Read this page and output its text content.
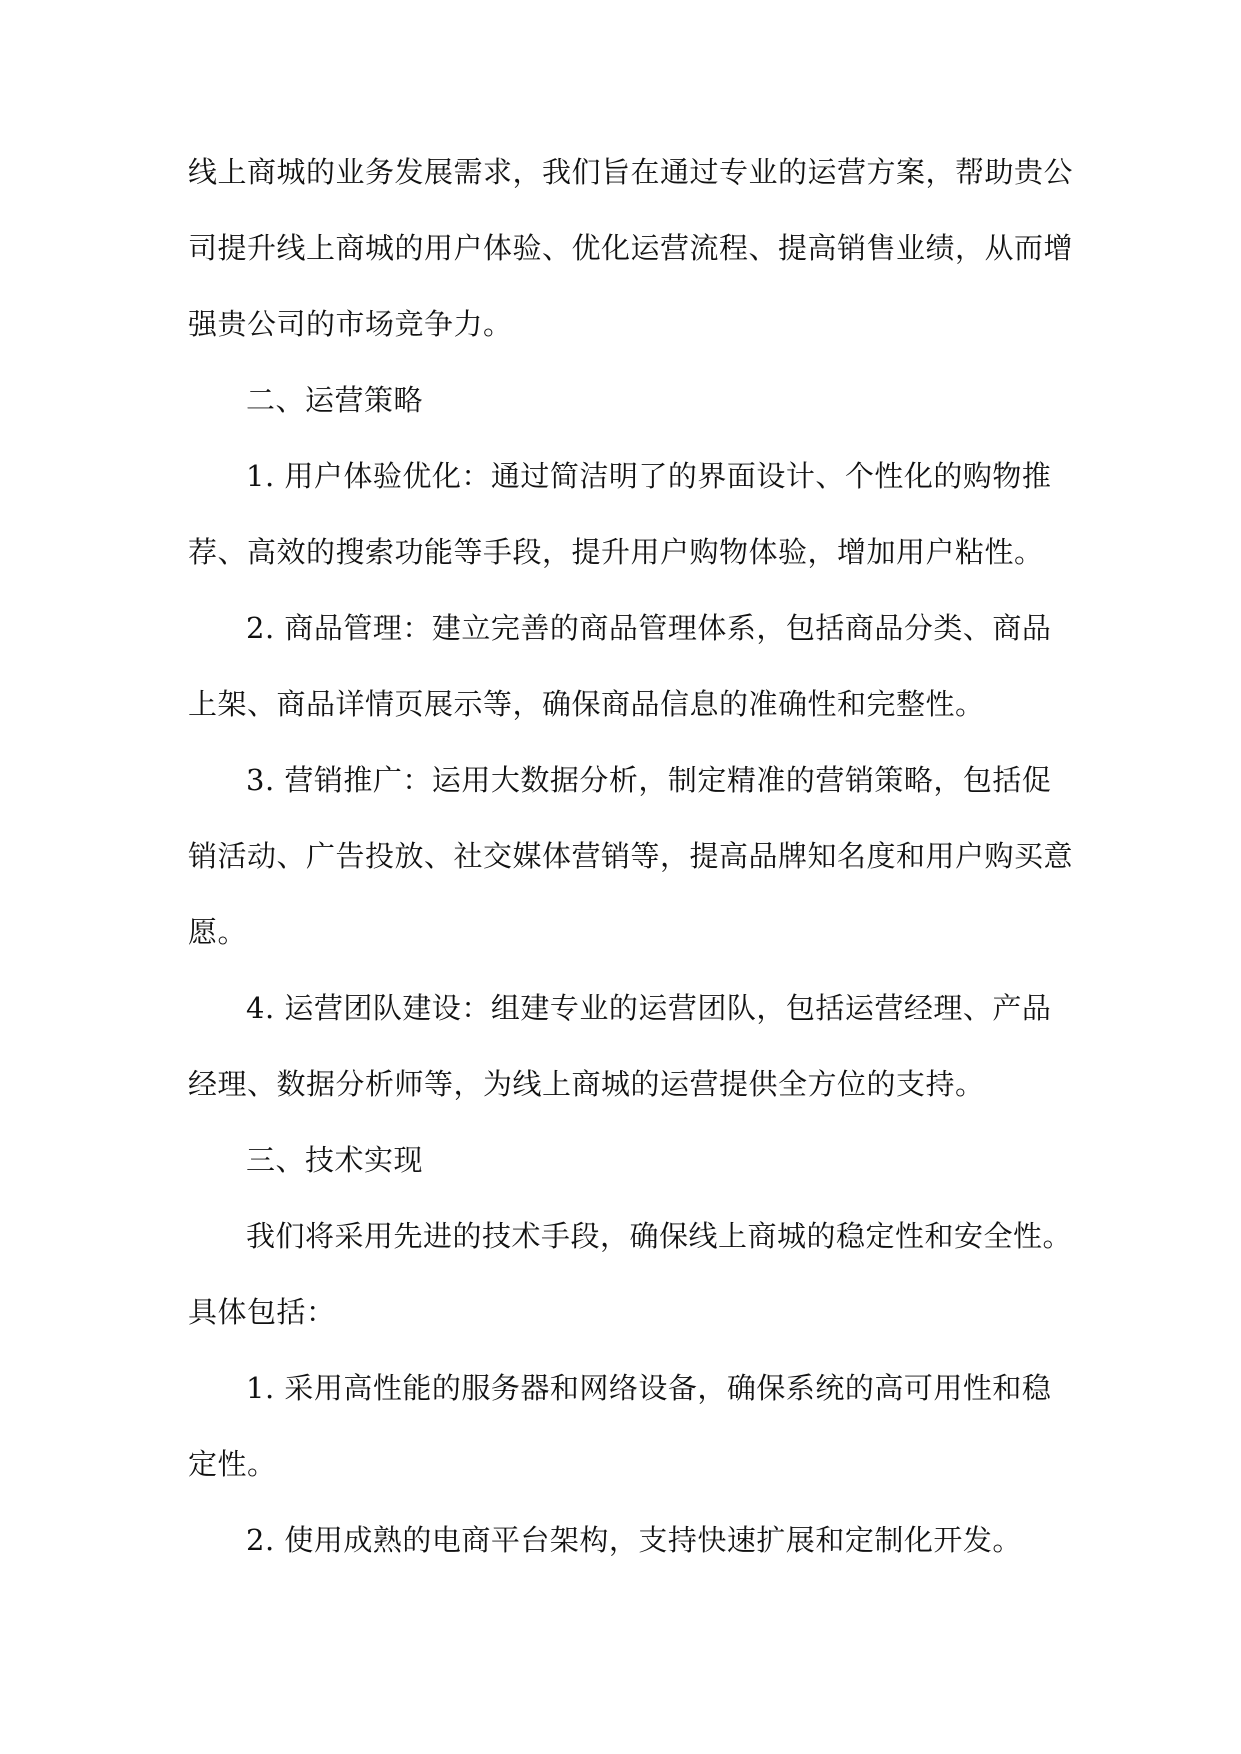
线上商城的业务发展需求，我们旨在通过专业的运营方案，帮助贵公
司提升线上商城的用户体验、优化运营流程、提高销售业绩，从而增
强贵公司的市场竞争力。
二、运营策略
1. 用户体验优化：通过简洁明了的界面设计、个性化的购物推
荐、高效的搜索功能等手段，提升用户购物体验，增加用户粘性。
2. 商品管理：建立完善的商品管理体系，包括商品分类、商品
上架、商品详情页展示等，确保商品信息的准确性和完整性。
3. 营销推广：运用大数据分析，制定精准的营销策略，包括促
销活动、广告投放、社交媒体营销等，提高品牌知名度和用户购买意
愿。
4. 运营团队建设：组建专业的运营团队，包括运营经理、产品
经理、数据分析师等，为线上商城的运营提供全方位的支持。
三、技术实现
我们将采用先进的技术手段，确保线上商城的稳定性和安全性。
具体包括：
1. 采用高性能的服务器和网络设备，确保系统的高可用性和稳
定性。
2. 使用成熟的电商平台架构，支持快速扩展和定制化开发。
